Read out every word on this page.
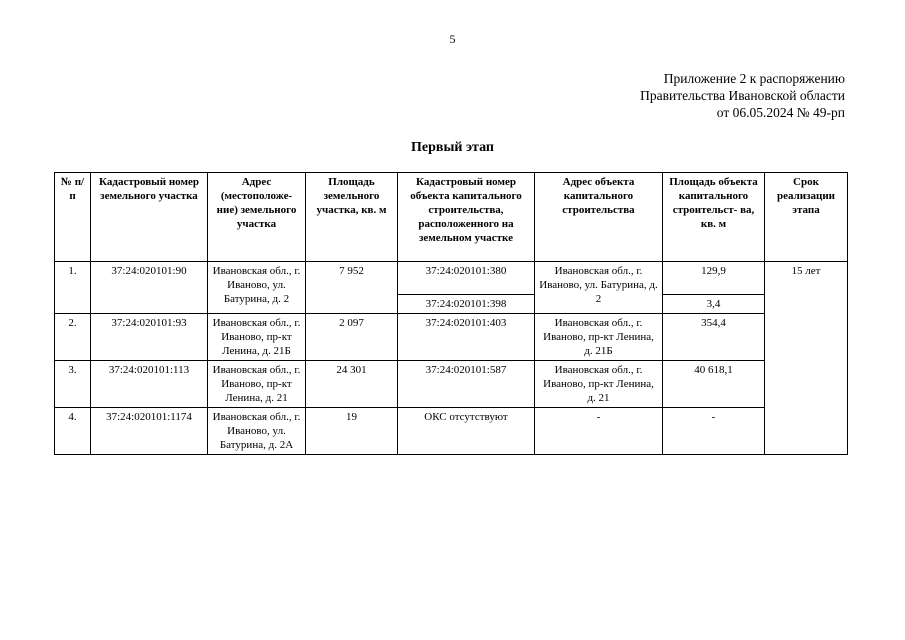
5
Приложение 2 к распоряжению
Правительства Ивановской области
от 06.05.2024 № 49-рп
Первый этап
№ п/п	Кадастровый номер земельного участка	Адрес (местоположе- ние) земельного участка	Площадь земельного участка, кв. м	Кадастровый номер объекта капитального строительства, расположенного на земельном участке	Адрес объекта капитального строительства	Площадь объекта капитального строительст- ва, кв. м	Срок реализации этапа
1.	37:24:020101:90	Ивановская обл., г. Иваново, ул. Батурина, д. 2	7 952	37:24:020101:380	Ивановская обл., г. Иваново, ул. Батурина, д. 2	129,9	15 лет
				37:24:020101:398		3,4	
2.	37:24:020101:93	Ивановская обл., г. Иваново, пр-кт Ленина, д. 21Б	2 097	37:24:020101:403	Ивановская обл., г. Иваново, пр-кт Ленина, д. 21Б	354,4	
3.	37:24:020101:113	Ивановская обл., г. Иваново, пр-кт Ленина, д. 21	24 301	37:24:020101:587	Ивановская обл., г. Иваново, пр-кт Ленина, д. 21	40 618,1	
4.	37:24:020101:1174	Ивановская обл., г. Иваново, ул. Батурина, д. 2А	19	ОКС отсутствуют	-	-	
